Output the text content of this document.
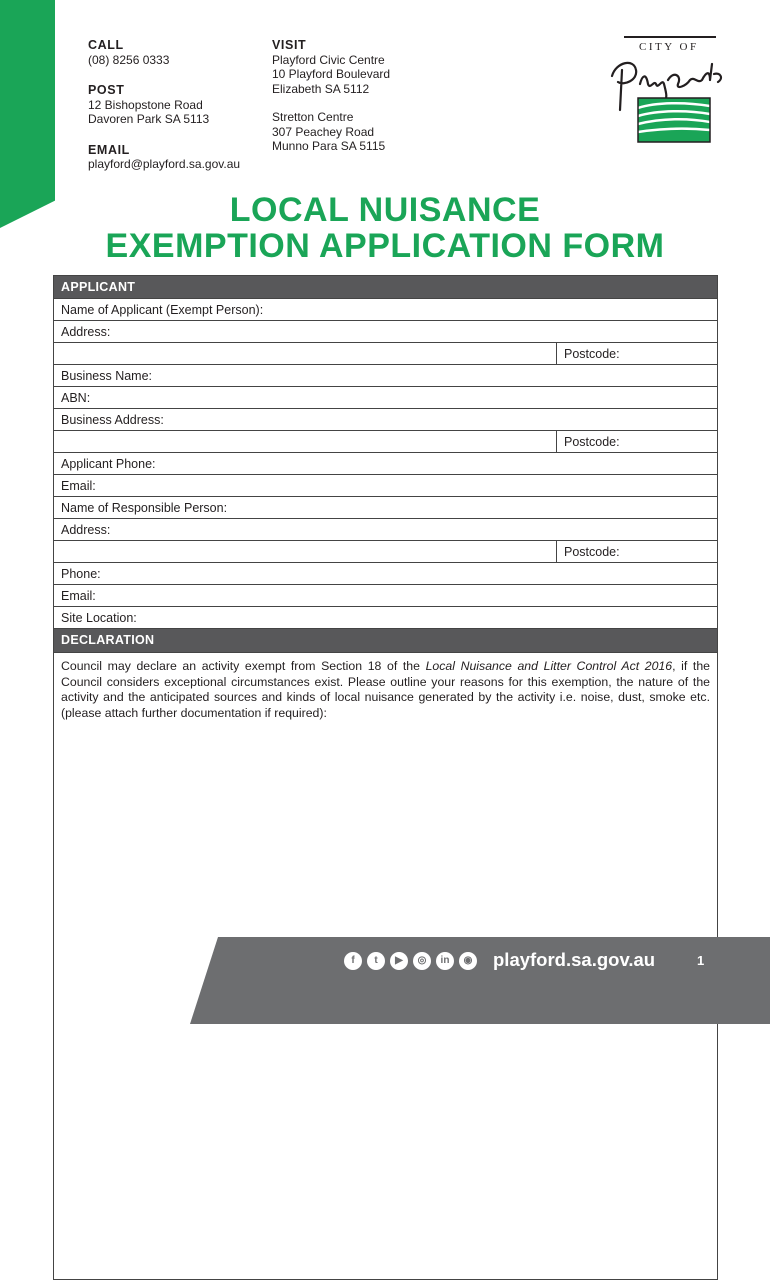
CALL
(08) 8256 0333
POST
12 Bishopstone Road
Davoren Park SA 5113
EMAIL
playford@playford.sa.gov.au
VISIT
Playford Civic Centre
10 Playford Boulevard
Elizabeth SA 5112
Stretton Centre
307 Peachey Road
Munno Para SA 5115
CITY OF
LOCAL NUISANCE
EXEMPTION APPLICATION FORM
APPLICANT
Name of Applicant (Exempt Person):
Address:
Postcode:
Business Name:
ABN:
Business Address:
Postcode:
Applicant Phone:
Email:
Name of Responsible Person:
Address:
Postcode:
Phone:
Email:
Site Location:
DECLARATION
Council may declare an activity exempt from Section 18 of the Local Nuisance and Litter Control Act 2016, if the Council considers exceptional circumstances exist. Please outline your reasons for this exemption, the nature of the activity and the anticipated sources and kinds of local nuisance generated by the activity i.e. noise, dust, smoke etc. (please attach further documentation if required):
f	t	▶	◎	in	◉ playford.sa.gov.au	1
